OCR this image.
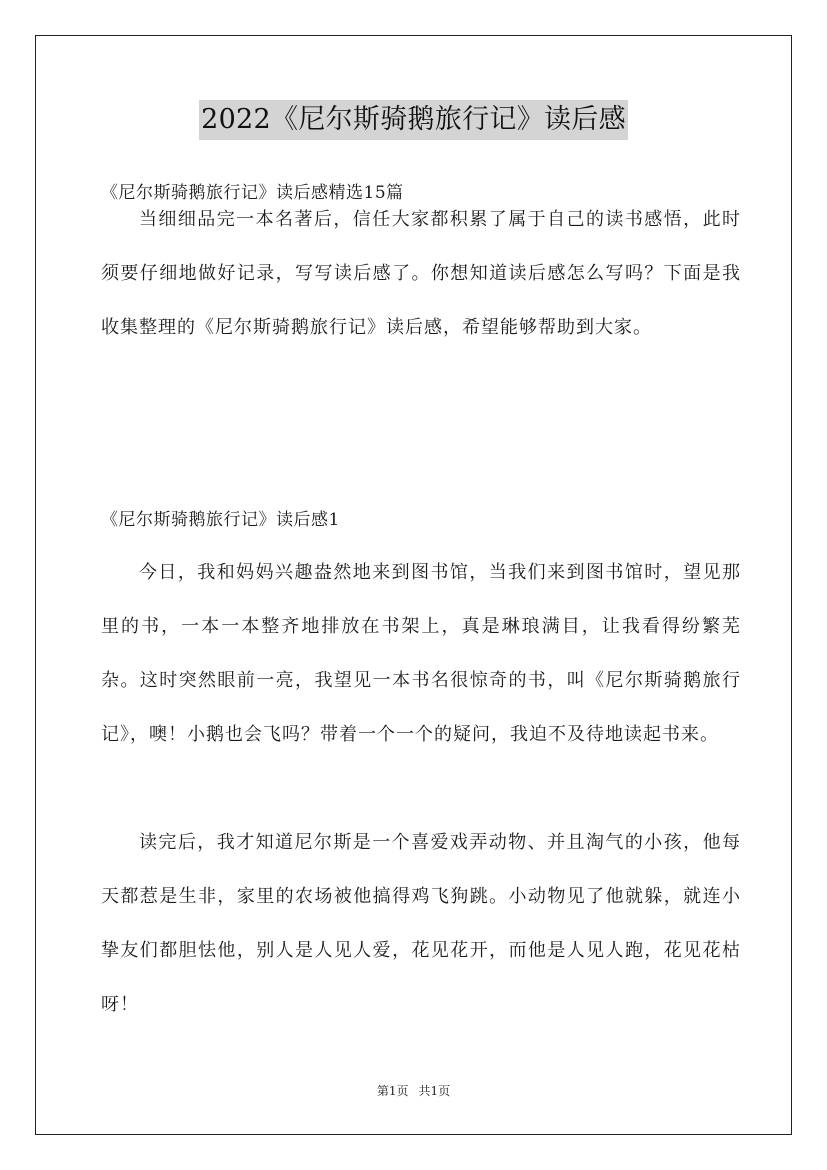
2022《尼尔斯骑鹅旅行记》读后感

《尼尔斯骑鹅旅行记》读后感精选15篇

当细细品完一本名著后，信任大家都积累了属于自己的读书感悟，此时须要仔细地做好记录，写写读后感了。你想知道读后感怎么写吗？下面是我收集整理的《尼尔斯骑鹅旅行记》读后感，希望能够帮助到大家。

《尼尔斯骑鹅旅行记》读后感1

今日，我和妈妈兴趣盎然地来到图书馆，当我们来到图书馆时，望见那里的书，一本一本整齐地排放在书架上，真是琳琅满目，让我看得纷繁芜杂。这时突然眼前一亮，我望见一本书名很惊奇的书，叫《尼尔斯骑鹅旅行记》，噢！小鹅也会飞吗？带着一个一个的疑问，我迫不及待地读起书来。

读完后，我才知道尼尔斯是一个喜爱戏弄动物、并且淘气的小孩，他每天都惹是生非，家里的农场被他搞得鸡飞狗跳。小动物见了他就躲，就连小挚友们都胆怯他，别人是人见人爱，花见花开，而他是人见人跑，花见花枯呀！

第1页 共1页
